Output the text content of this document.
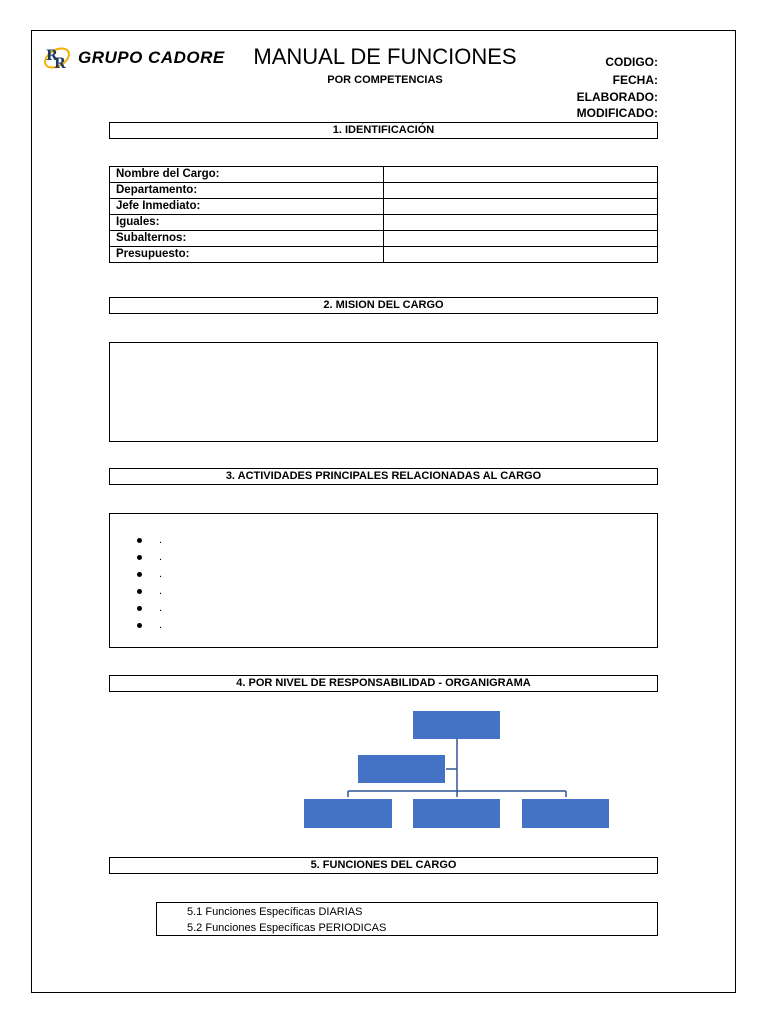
R
R GRUPO CADORE	MANUAL DE FUNCIONES
POR COMPETENCIAS
CODIGO:
FECHA:
ELABORADO:
MODIFICADO:
1. IDENTIFICACIÓN
Nombre del Cargo:	
Departamento:	
Jefe Inmediato:	
Iguales:	
Subalternos:	
Presupuesto:	
2. MISION DEL CARGO
3. ACTIVIDADES PRINCIPALES RELACIONADAS AL CARGO
.
.
.
.
.
.
4. POR NIVEL DE RESPONSABILIDAD - ORGANIGRAMA
5. FUNCIONES DEL CARGO
5.1 Funciones Específicas DIARIAS
5.2 Funciones Específicas PERIODICAS
